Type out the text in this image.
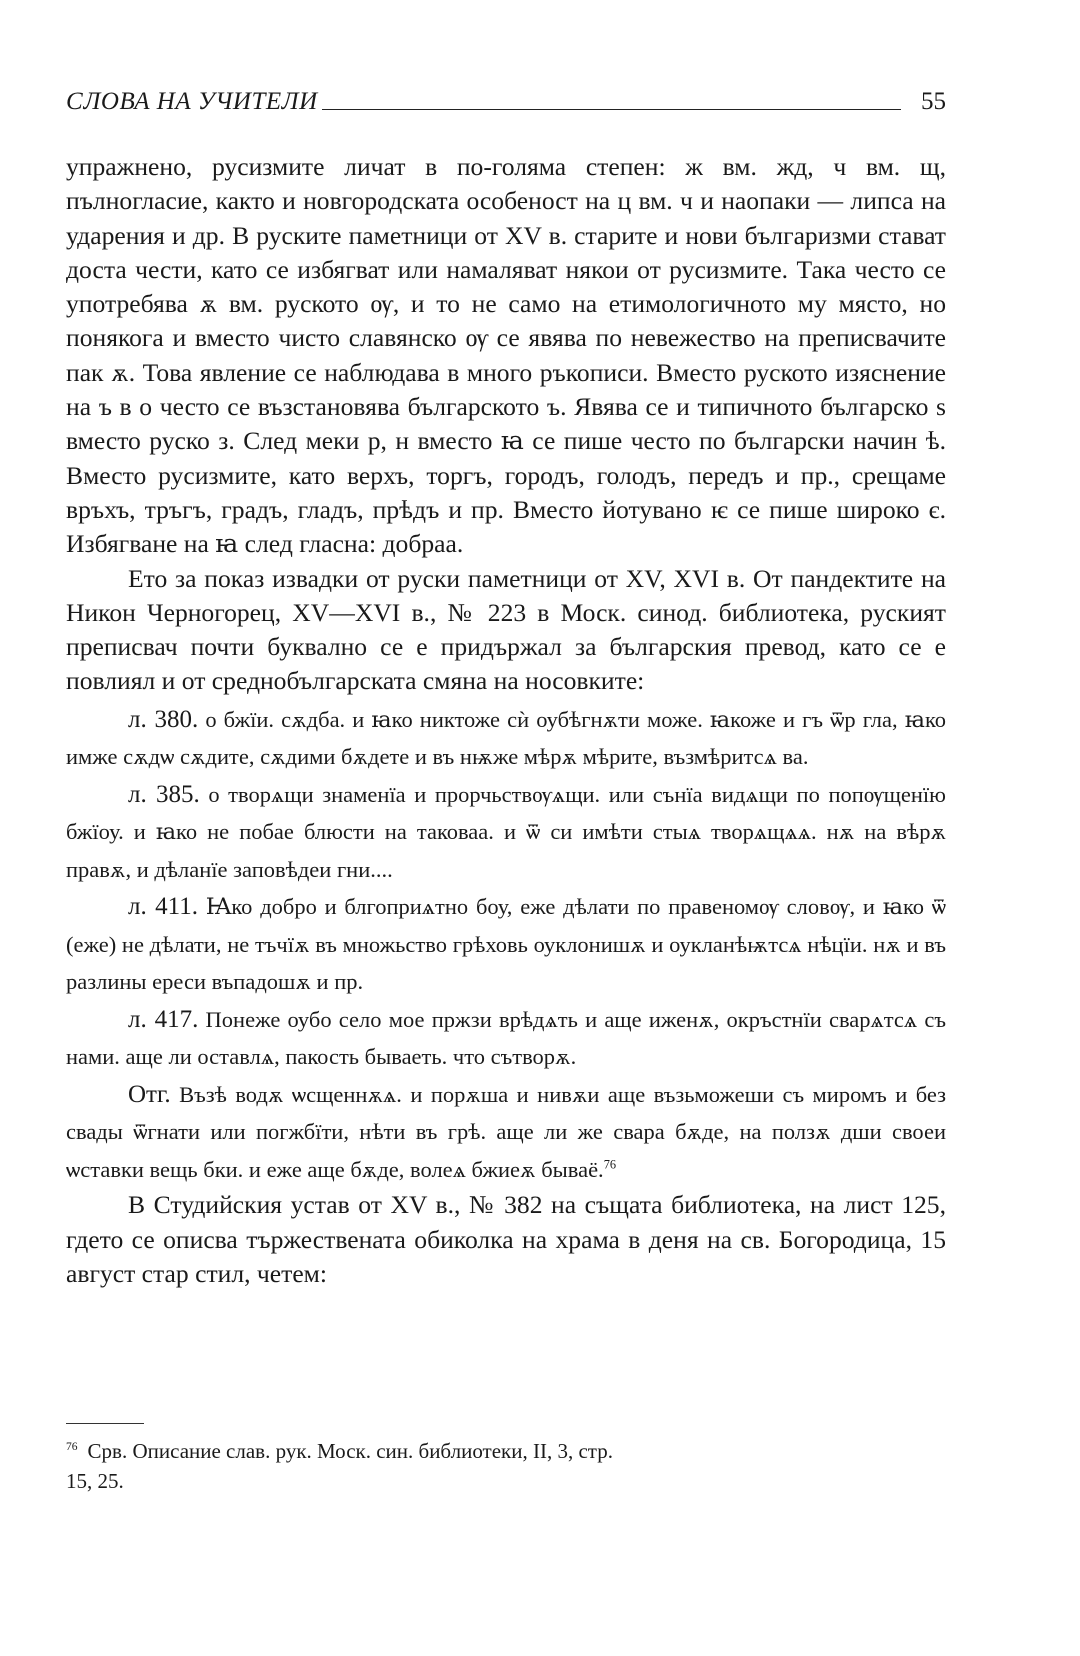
СЛОВА НА УЧИТЕЛИ	55

упражнено, русизмите личат в по-голяма степен: ж вм. жд, ч вм. щ, пълногласие, както и новгородската особеност на ц вм. ч и наопаки — липса на ударения и др. В руските паметници от XV в. старите и нови българизми стават доста чести, като се избягват или намаляват някои от русизмите. Така често се употребява ѫ вм. руското ѹ, и то не само на етимологичното му място, но понякога и вместо чисто славянско ѹ се явява по невежество на преписвачите пак ѫ. Това явление се наблюдава в много ръкописи. Вместо руското изяснение на ъ в о често се възстановява българското ъ. Явява се и типичното българско ѕ вместо руско з. След меки р, н вместо ꙗ се пише често по български начин ѣ. Вместо русизмите, като верхъ, торгъ, городъ, голодъ, передъ и пр., срещаме връхъ, тръгъ, градъ, гладъ, прѣдъ и пр. Вместо йотувано ѥ се пише широко є. Избягване на ꙗ след гласна: добраа.

Ето за показ извадки от руски паметници от XV, XVI в. От пандектите на Никон Черногорец, XV—XVI в., № 223 в Моск. синод. библиотека, руският преписвач почти буквално се е придържал за българския превод, като се е повлиял и от среднобългарската смяна на носовките:

л. 380. о бжїи. сѫдба. и ꙗко никтоже сѝ оубѣгнѫти може. ꙗкоже и гъ ѿр гла, ꙗко имже сѫдѡ сѫдите, сѫдими бѫдете и въ нѭже мѣрѫ мѣрите, възмѣритсѧ ва.

л. 385. о творѧщи знаменїа и прорчьствѹѧщи. или сънїа видѧщи по попѹщенїю бжїоу. и ꙗко не побае блюсти на таковаа. и ѿ си имѣти стыѧ творѧщѧѧ. нѫ на вѣрѫ правѫ, и дѣланїе заповѣдеи гни....

л. 411. Ꙗко добро и блгоприѧтно боу, еже дѣлати по правеномѹ словѹ, и ꙗко ѿ (еже) не дѣлати, не тъчїѫ въ множьство грѣховь оуклонишѫ и оукланѣѭтсѧ нѣцїи. нѫ и въ разлины ереси въпадошѫ и пр.

л. 417. Понеже оубо село мое пржзи врѣдѧть и аще иженѫ, окръстнїи сварѧтсѧ съ нами. аще ли оставлѧ, пакость бываеть. что сътворѫ.

Отг. Възѣ водѫ ѡсщеннѫѧ. и порѫша и нивѫи аще възьможеши съ миромъ и без свады ѿгнати или погжбїти, нѣти въ грѣ. аще ли же свара бѫде, на ползѫ дши своеи ѡставки вещь бки. и еже аще бѫде, волеѧ бжиеѫ бываё.$^{76}$

В Студийския устав от XV в., № 382 на същата библиотека, на лист 125, гдето се описва тържествената обиколка на храма в деня на св. Богородица, 15 август стар стил, четем:

$^{76}$ Срв. Описание слав. рук. Моск. син. библиотеки, II, 3, стр. 15, 25.
